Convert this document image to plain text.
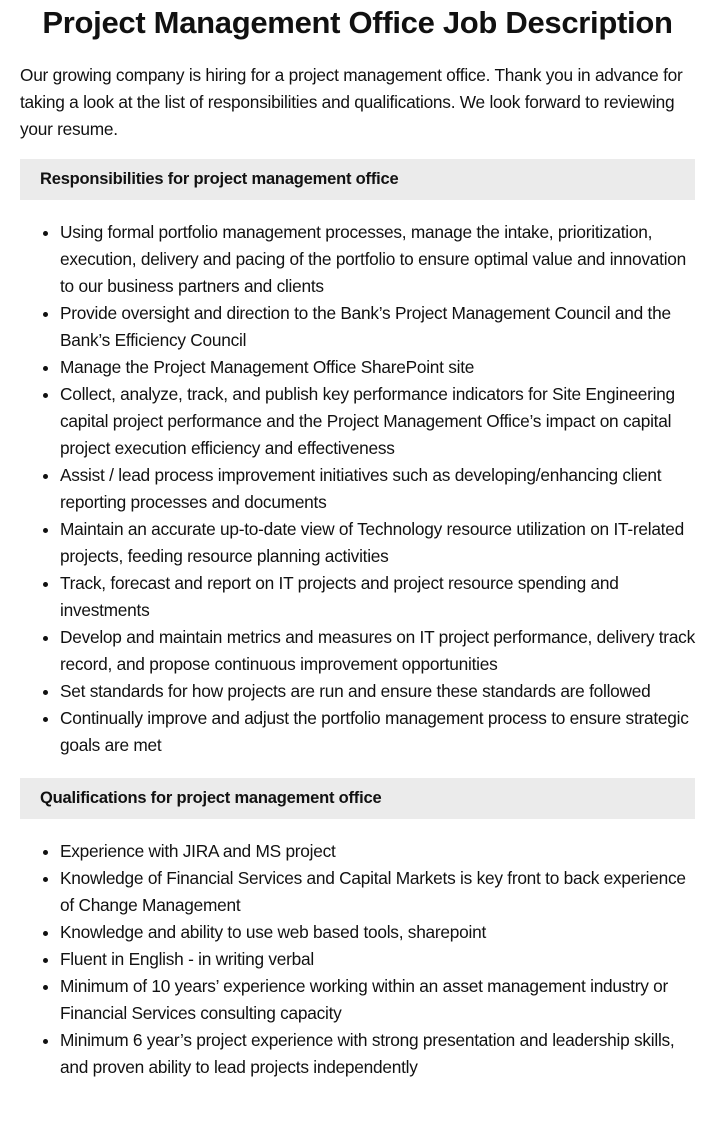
Project Management Office Job Description

Our growing company is hiring for a project management office. Thank you in advance for taking a look at the list of responsibilities and qualifications. We look forward to reviewing your resume.

Responsibilities for project management office
• Using formal portfolio management processes, manage the intake, prioritization, execution, delivery and pacing of the portfolio to ensure optimal value and innovation to our business partners and clients
• Provide oversight and direction to the Bank’s Project Management Council and the Bank’s Efficiency Council
• Manage the Project Management Office SharePoint site
• Collect, analyze, track, and publish key performance indicators for Site Engineering capital project performance and the Project Management Office’s impact on capital project execution efficiency and effectiveness
• Assist / lead process improvement initiatives such as developing/enhancing client reporting processes and documents
• Maintain an accurate up-to-date view of Technology resource utilization on IT-related projects, feeding resource planning activities
• Track, forecast and report on IT projects and project resource spending and investments
• Develop and maintain metrics and measures on IT project performance, delivery track record, and propose continuous improvement opportunities
• Set standards for how projects are run and ensure these standards are followed
• Continually improve and adjust the portfolio management process to ensure strategic goals are met
Qualifications for project management office
• Experience with JIRA and MS project
• Knowledge of Financial Services and Capital Markets is key front to back experience of Change Management
• Knowledge and ability to use web based tools, sharepoint
• Fluent in English - in writing verbal
• Minimum of 10 years’ experience working within an asset management industry or Financial Services consulting capacity
• Minimum 6 year’s project experience with strong presentation and leadership skills, and proven ability to lead projects independently
